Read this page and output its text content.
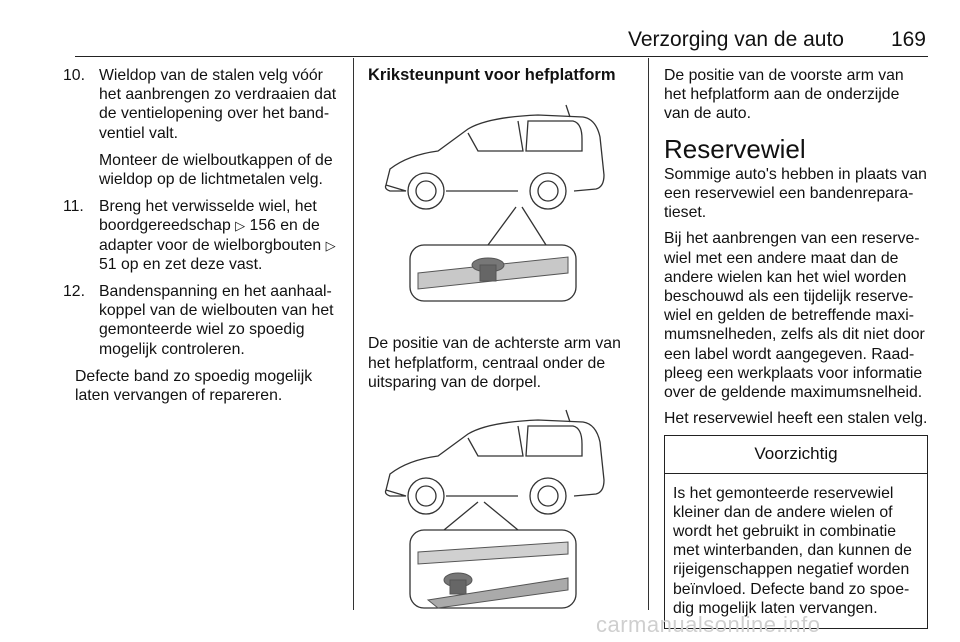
Verzorging van de auto 169
10. Wieldop van de stalen velg vóór het aanbrengen zo verdraaien dat de ventielopening over het band-ventiel valt.

Monteer de wielboutkappen of de wieldop op de lichtmetalen velg.

11. Breng het verwisselde wiel, het boordgereedschap ▷ 156 en de adapter voor de wielborgbouten ▷ 51 op en zet deze vast.

12. Bandenspanning en het aanhaal-koppel van de wielbouten van het gemonteerde wiel zo spoedig mogelijk controleren.

Defecte band zo spoedig mogelijk laten vervangen of repareren.

Kriksteunpunt voor hefplatform

De positie van de achterste arm van het hefplatform, centraal onder de uitsparing van de dorpel.

De positie van de voorste arm van het hefplatform aan de onderzijde van de auto.

Reservewiel

Sommige auto's hebben in plaats van een reservewiel een bandenrepara-tieset.

Bij het aanbrengen van een reserve-wiel met een andere maat dan de andere wielen kan het wiel worden beschouwd als een tijdelijk reserve-wiel en gelden de betreffende maxi-mumsnelheden, zelfs als dit niet door een label wordt aangegeven. Raad-pleeg een werkplaats voor informatie over de geldende maximumsnelheid.

Het reservewiel heeft een stalen velg.

Voorzichtig
Is het gemonteerde reservewiel kleiner dan de andere wielen of wordt het gebruikt in combinatie met winterbanden, dan kunnen de rijeigenschappen negatief worden beïnvloed. Defecte band zo spoe-dig mogelijk laten vervangen.
carmanualsonline.info
